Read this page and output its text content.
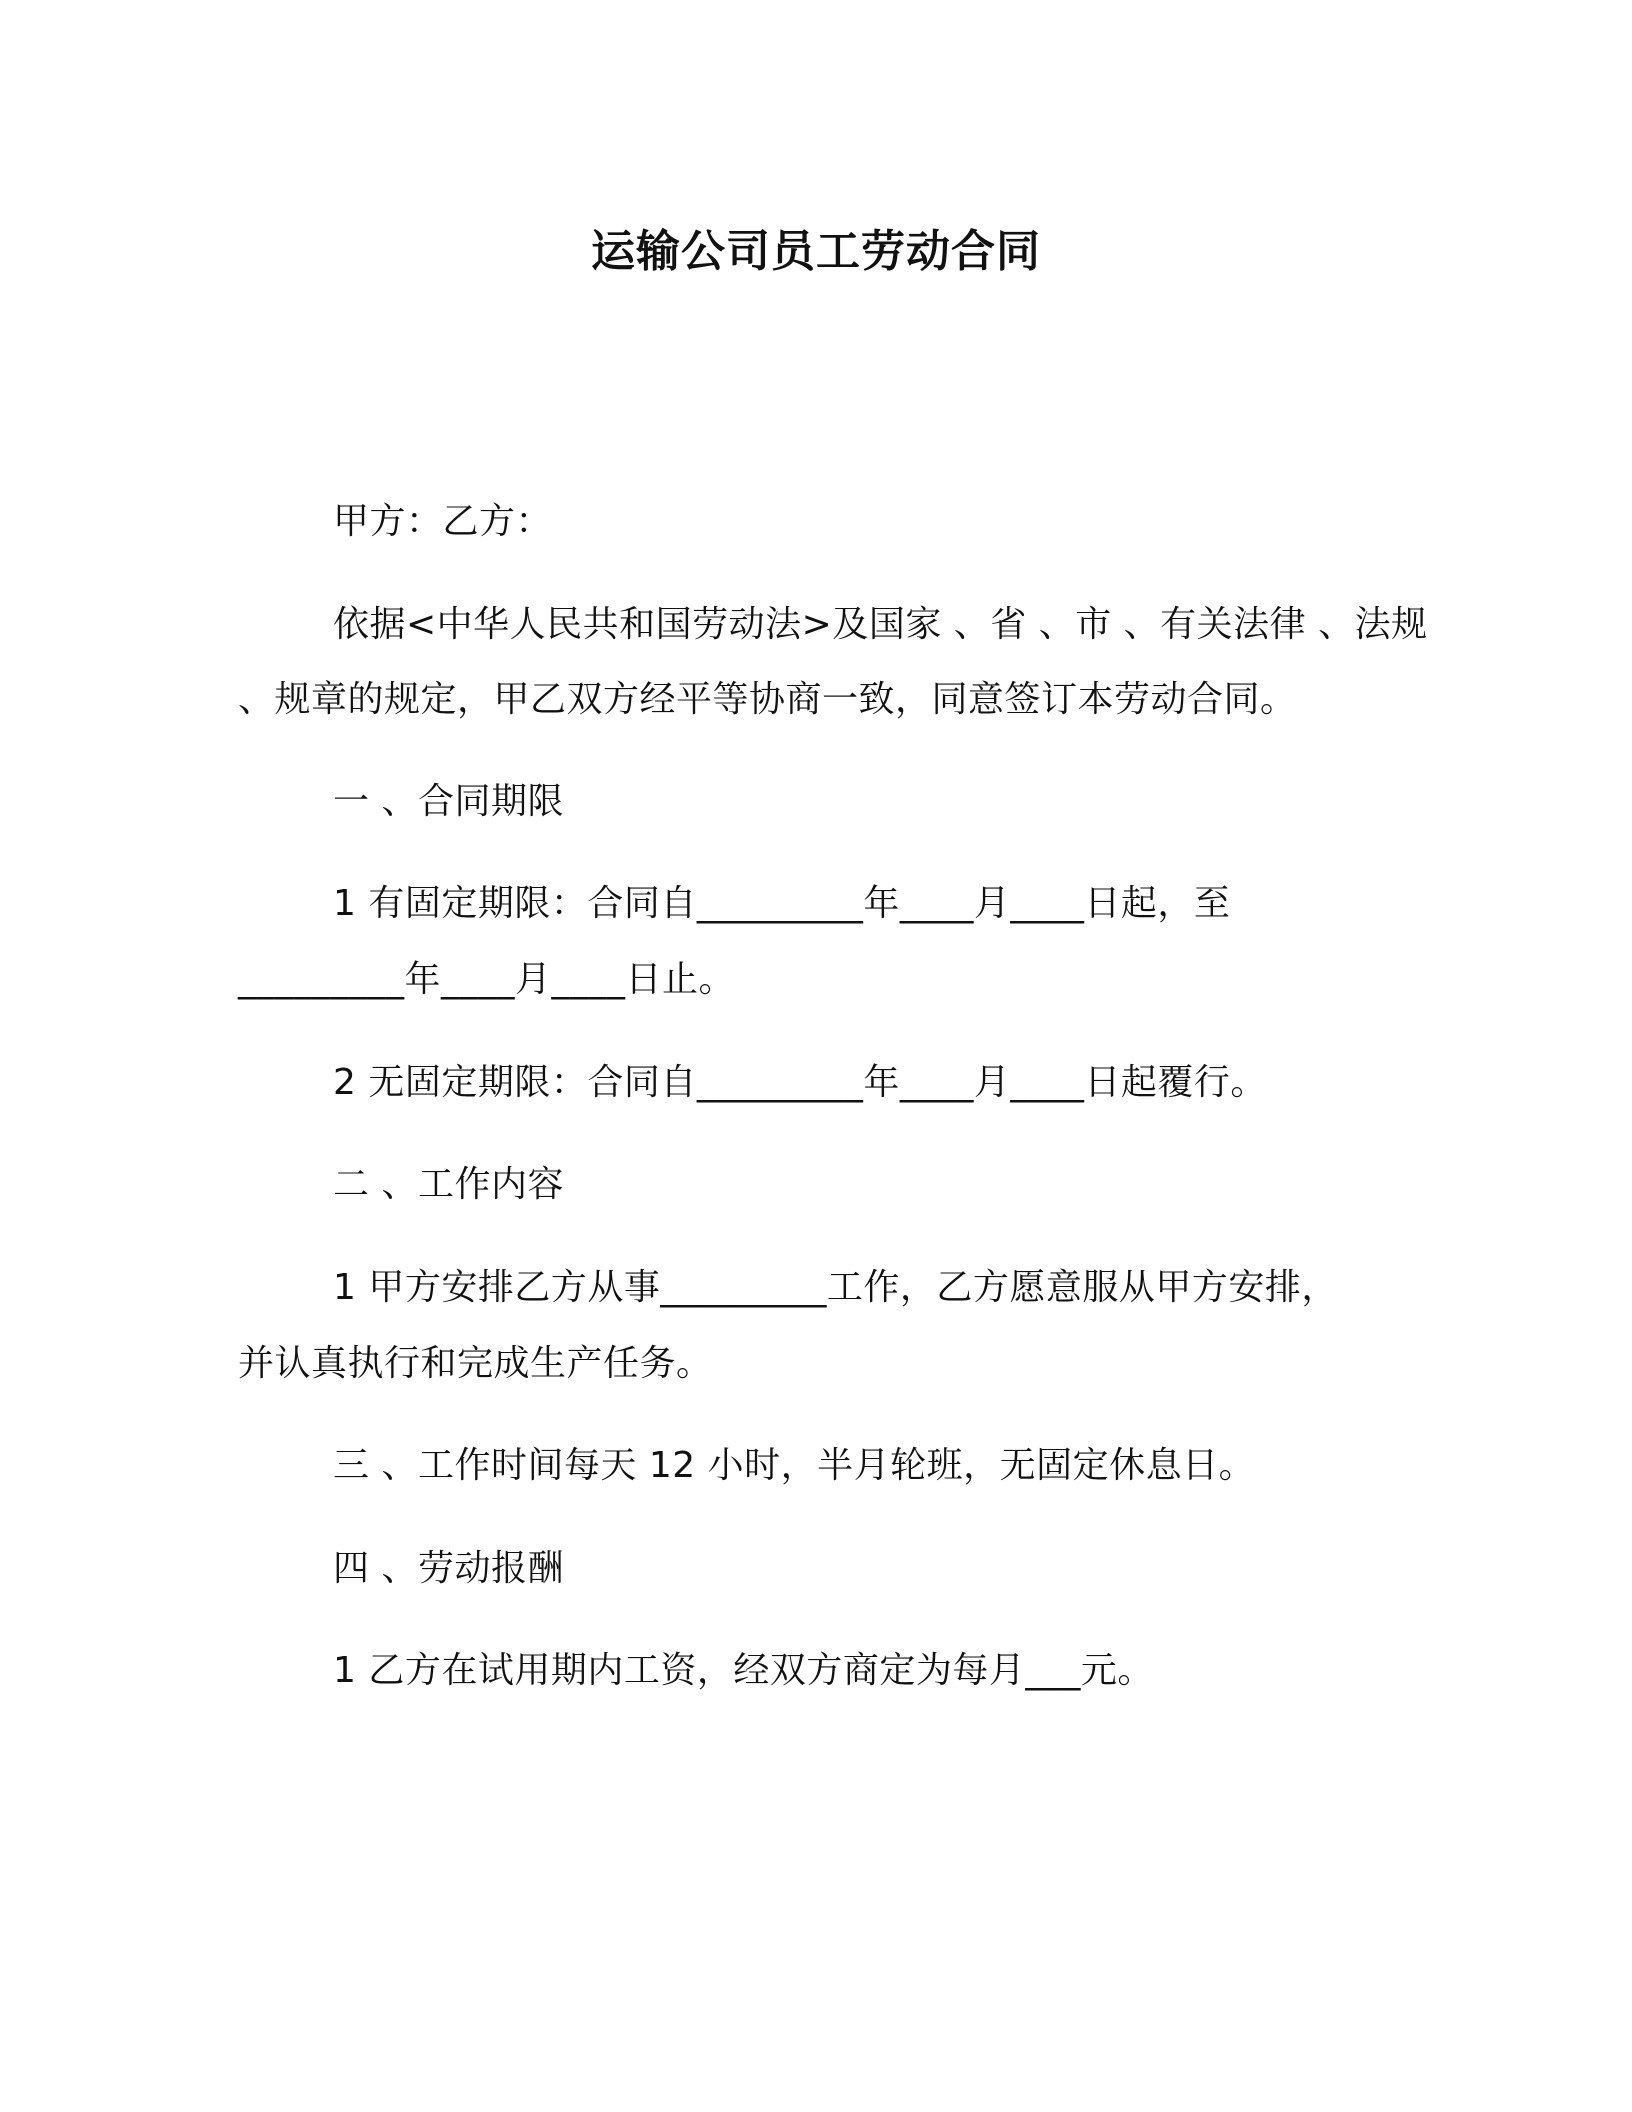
运输公司员工劳动合同
甲方：乙方：
依据<中华人民共和国劳动法>及国家 、省 、市 、有关法律 、法规
、规章的规定，甲乙双方经平等协商一致，同意签订本劳动合同。
一 、合同期限
1 有固定期限：合同自_________年____月____日起，至
_________年____月____日止。
2 无固定期限：合同自_________年____月____日起覆行。
二 、工作内容
1 甲方安排乙方从事_________工作，乙方愿意服从甲方安排，
并认真执行和完成生产任务。
三 、工作时间每天 12 小时，半月轮班，无固定休息日。
四 、劳动报酬
1 乙方在试用期内工资，经双方商定为每月___元。
